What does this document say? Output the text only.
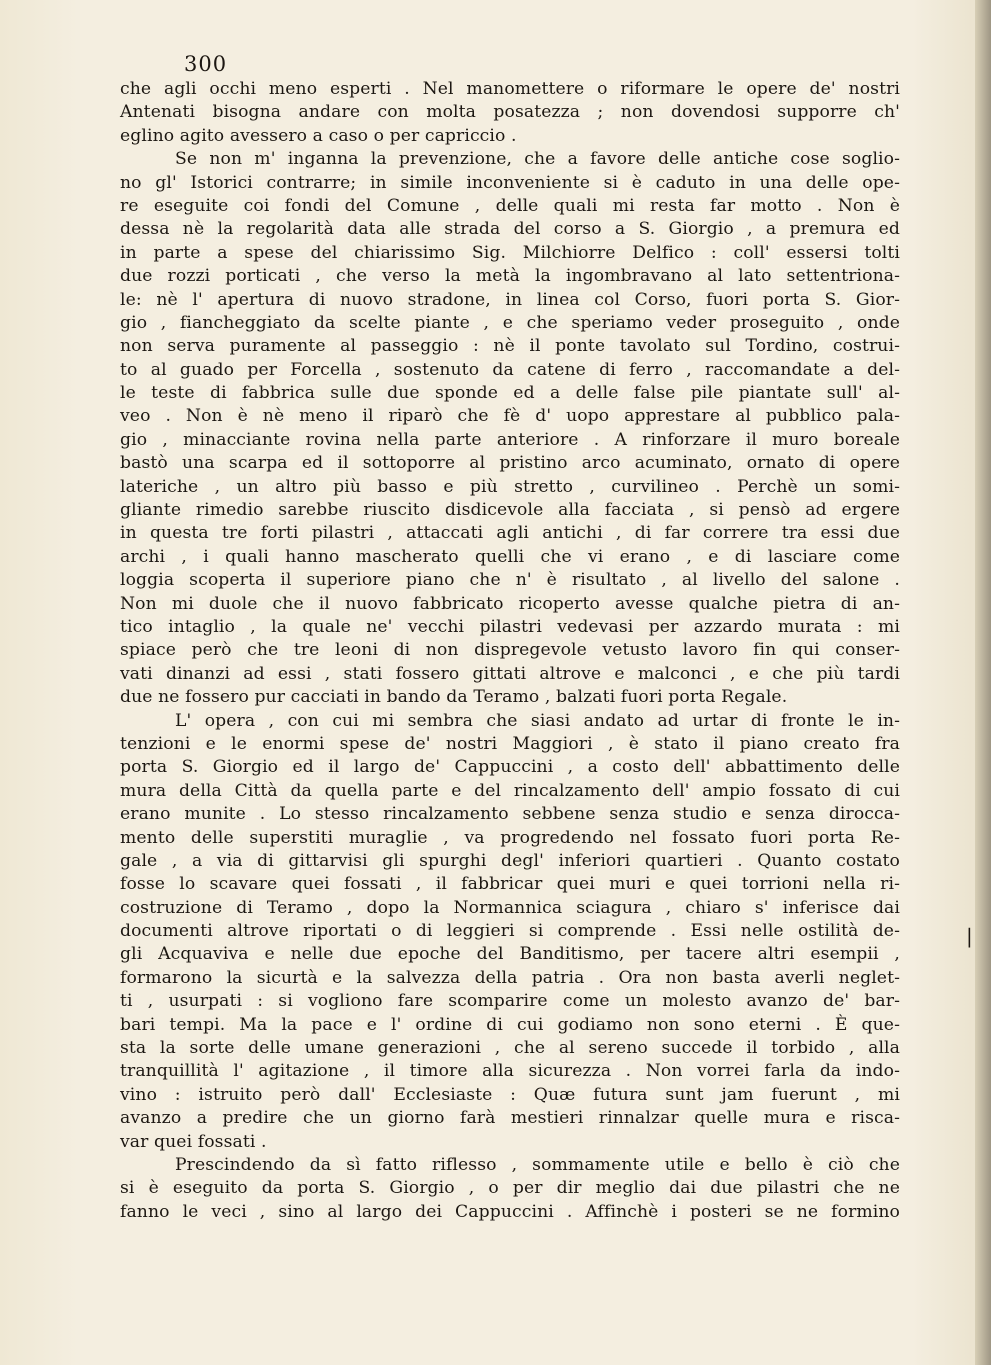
300
che agli occhi meno esperti . Nel manomettere o riformare le opere de' nostri
Antenati bisogna andare con molta posatezza ; non dovendosi supporre ch'
eglino agito avessero a caso o per capriccio .
Se non m' inganna la prevenzione, che a favore delle antiche cose soglio-
no gl' Istorici contrarre; in simile inconveniente si è caduto in una delle ope-
re eseguite coi fondi del Comune , delle quali mi resta far motto . Non è
dessa nè la regolarità data alle strada del corso a S. Giorgio , a premura ed
in parte a spese del chiarissimo Sig. Milchiorre Delfico : coll' essersi tolti
due rozzi porticati , che verso la metà la ingombravano al lato settentriona-
le: nè l' apertura di nuovo stradone, in linea col Corso, fuori porta S. Gior-
gio , fiancheggiato da scelte piante , e che speriamo veder proseguito , onde
non serva puramente al passeggio : nè il ponte tavolato sul Tordino, costrui-
to al guado per Forcella , sostenuto da catene di ferro , raccomandate a del-
le teste di fabbrica sulle due sponde ed a delle false pile piantate sull' al-
veo . Non è nè meno il riparò che fè d' uopo apprestare al pubblico pala-
gio , minacciante rovina nella parte anteriore . A rinforzare il muro boreale
bastò una scarpa ed il sottoporre al pristino arco acuminato, ornato di opere
lateriche , un altro più basso e più stretto , curvilineo . Perchè un somi-
gliante rimedio sarebbe riuscito disdicevole alla facciata , si pensò ad ergere
in questa tre forti pilastri , attaccati agli antichi , di far correre tra essi due
archi , i quali hanno mascherato quelli che vi erano , e di lasciare come
loggia scoperta il superiore piano che n' è risultato , al livello del salone .
Non mi duole che il nuovo fabbricato ricoperto avesse qualche pietra di an-
tico intaglio , la quale ne' vecchi pilastri vedevasi per azzardo murata : mi
spiace però che tre leoni di non dispregevole vetusto lavoro fin qui conser-
vati dinanzi ad essi , stati fossero gittati altrove e malconci , e che più tardi
due ne fossero pur cacciati in bando da Teramo , balzati fuori porta Regale.
L' opera , con cui mi sembra che siasi andato ad urtar di fronte le in-
tenzioni e le enormi spese de' nostri Maggiori , è stato il piano creato fra
porta S. Giorgio ed il largo de' Cappuccini , a costo dell' abbattimento delle
mura della Città da quella parte e del rincalzamento dell' ampio fossato di cui
erano munite . Lo stesso rincalzamento sebbene senza studio e senza dirocca-
mento delle superstiti muraglie , va progredendo nel fossato fuori porta Re-
gale , a via di gittarvisi gli spurghi degl' inferiori quartieri . Quanto costato
fosse lo scavare quei fossati , il fabbricar quei muri e quei torrioni nella ri-
costruzione di Teramo , dopo la Normannica sciagura , chiaro s' inferisce dai
documenti altrove riportati o di leggieri si comprende . Essi nelle ostilità de-
gli Acquaviva e nelle due epoche del Banditismo, per tacere altri esempii ,
formarono la sicurtà e la salvezza della patria . Ora non basta averli neglet-
ti , usurpati : si vogliono fare scomparire come un molesto avanzo de' bar-
bari tempi. Ma la pace e l' ordine di cui godiamo non sono eterni . È que-
sta la sorte delle umane generazioni , che al sereno succede il torbido , alla
tranquillità l' agitazione , il timore alla sicurezza . Non vorrei farla da indo-
vino : istruito però dall' Ecclesiaste : Quæ futura sunt jam fuerunt , mi
avanzo a predire che un giorno farà mestieri rinnalzar quelle mura e risca-
var quei fossati .
Prescindendo da sì fatto riflesso , sommamente utile e bello è ciò che
si è eseguito da porta S. Giorgio , o per dir meglio dai due pilastri che ne
fanno le veci , sino al largo dei Cappuccini . Affinchè i posteri se ne formino
|
